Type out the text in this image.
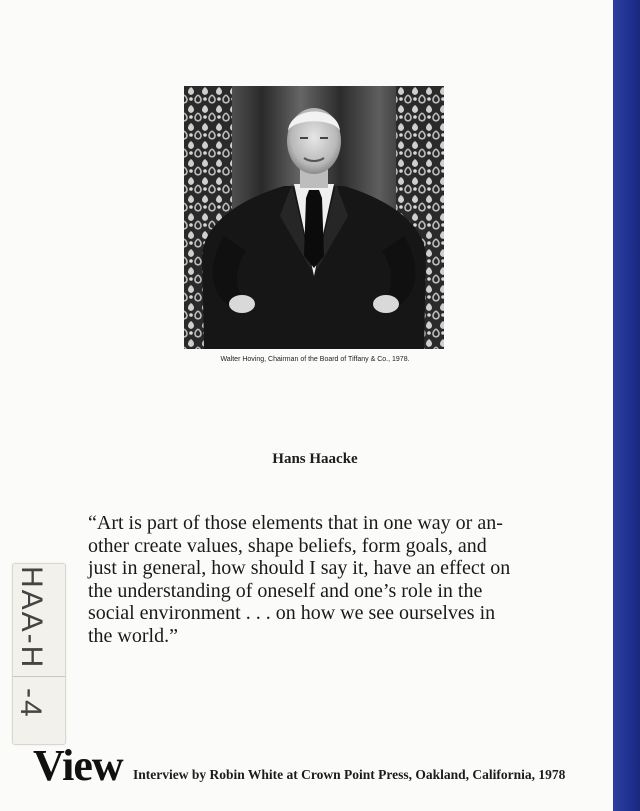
Walter Hoving, Chairman of the Board of Tiffany & Co., 1978.
Hans Haacke
“Art is part of those elements that in one way or an-
other create values, shape beliefs, form goals, and
just in general, how should I say it, have an effect on
the understanding of oneself and one’s role in the
social environment . . . on how we see ourselves in
the world.”
HAA-H
-4
View Interview by Robin White at Crown Point Press, Oakland, California, 1978
